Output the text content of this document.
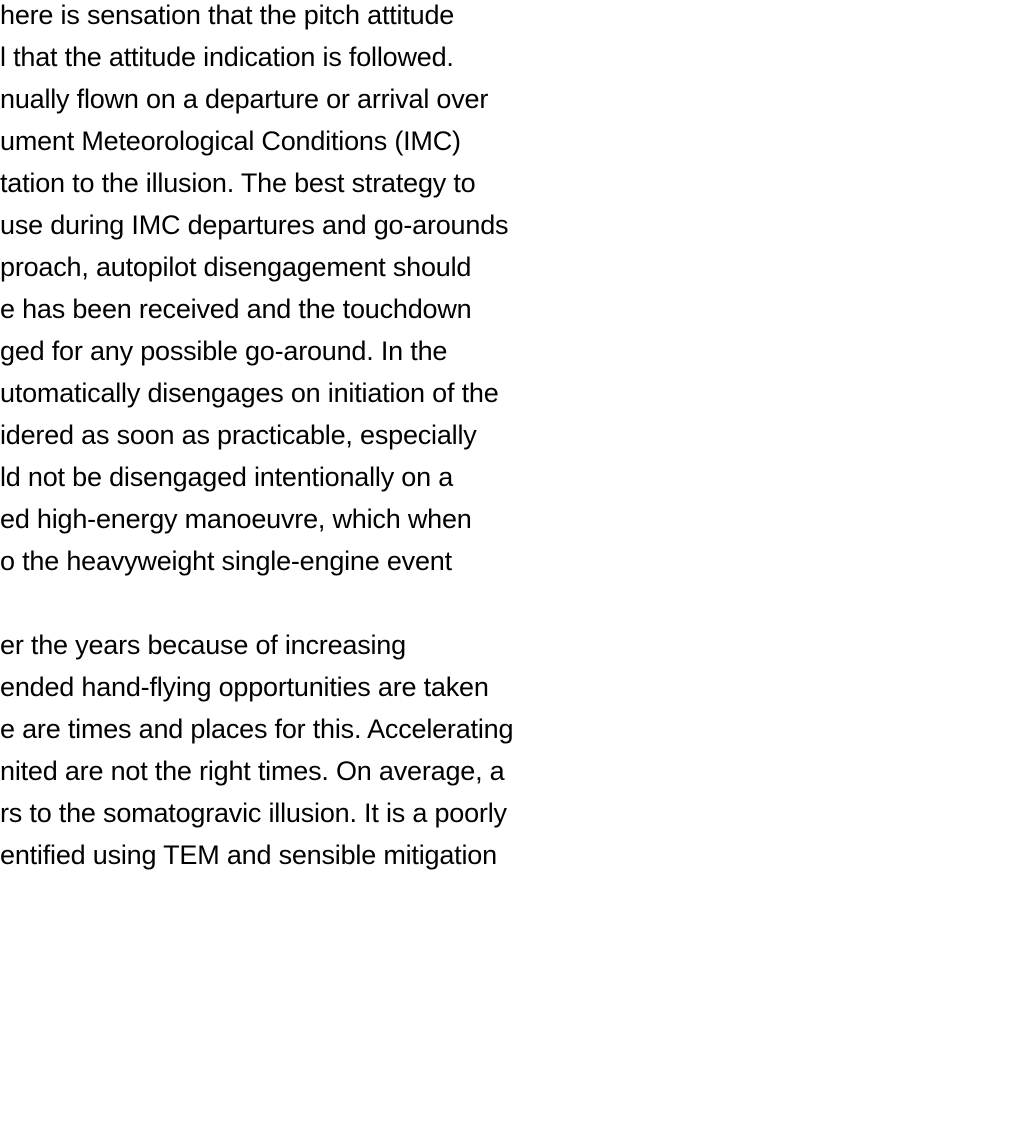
here is sensation that the pitch attitude
l that the attitude indication is followed.
nually flown on a departure or arrival over
ument Meteorological Conditions (IMC)
tation to the illusion. The best strategy to
use during IMC departures and go-arounds
proach, autopilot disengagement should
e has been received and the touchdown
ged for any possible go-around. In the
utomatically disengages on initiation of the
idered as soon as practicable, especially
ld not be disengaged intentionally on a
ed high-energy manoeuvre, which when
o the heavyweight single-engine event
er the years because of increasing
ended hand-flying opportunities are taken
e are times and places for this. Accelerating
nited are not the right times. On average, a
rs to the somatogravic illusion. It is a poorly
entified using TEM and sensible mitigation
